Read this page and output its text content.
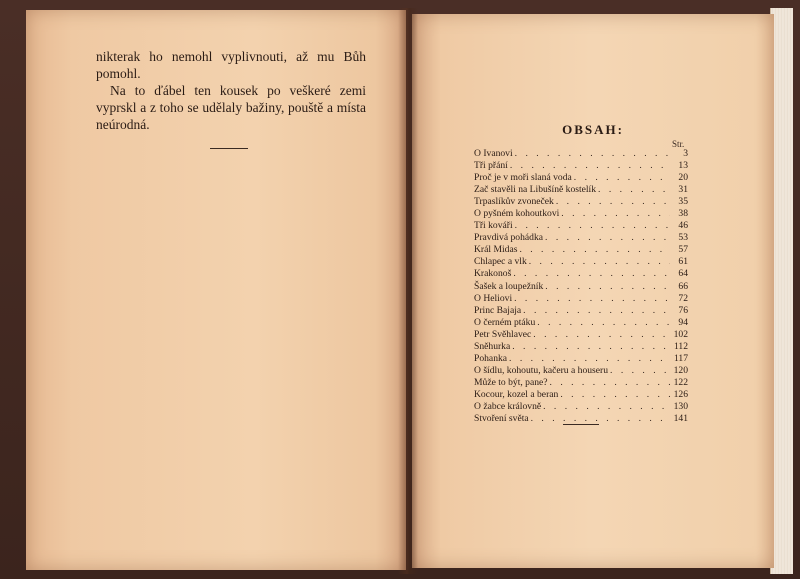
nikterak ho nemohl vyplivnouti, až mu Bůh pomohl.

Na to ďábel ten kousek po veškeré zemi vyprskl a z toho se udělaly bažiny, pouště a místa neúrodná.	OBSAH:
Str.
O Ivanovi . . .	3
Tři přání . . .	13
Proč je v moři slaná voda . . .	20
Zač stavěli na Libušíně kostelík . . .	31
Trpaslíkův zvoneček . . .	35
O pyšném kohoutkovi . . .	38
Tři kováři . . .	46
Pravdivá pohádka . . .	53
Král Midas . . .	57
Chlapec a vlk . . .	61
Krakonoš . . .	64
Šašek a loupežník . . .	66
O Heliovi . . .	72
Princ Bajaja . . .	76
O černém ptáku . . .	94
Petr Svěhlavec . . .	102
Sněhurka . . .	112
Pohanka . . .	117
O šídlu, kohoutu, kačeru a houseru . . .	120
Může to být, pane? . . .	122
Kocour, kozel a beran . . .	126
O žabce královně . . .	130
Stvoření světa . . .	141
